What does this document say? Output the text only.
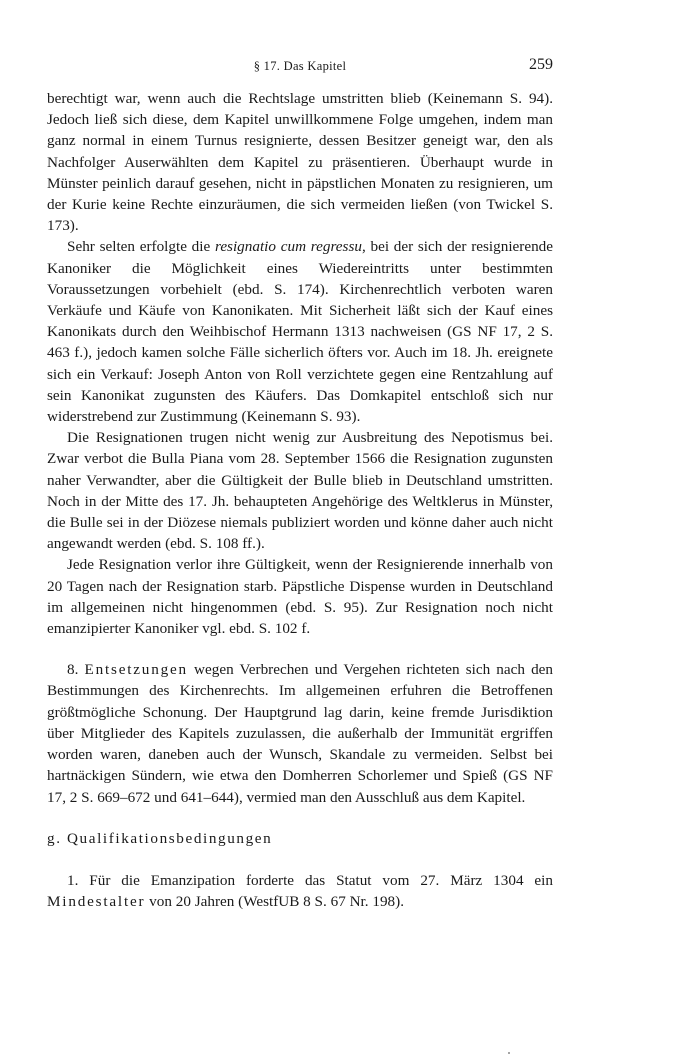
§ 17. Das Kapitel	259

berechtigt war, wenn auch die Rechtslage umstritten blieb (Keinemann S. 94). Jedoch ließ sich diese, dem Kapitel unwillkommene Folge umgehen, indem man ganz normal in einem Turnus resignierte, dessen Besitzer geneigt war, den als Nachfolger Auserwählten dem Kapitel zu präsentieren. Überhaupt wurde in Münster peinlich darauf gesehen, nicht in päpstlichen Monaten zu resignieren, um der Kurie keine Rechte einzuräumen, die sich vermeiden ließen (von Twickel S. 173).

Sehr selten erfolgte die resignatio cum regressu, bei der sich der resignierende Kanoniker die Möglichkeit eines Wiedereintritts unter bestimmten Voraussetzungen vorbehielt (ebd. S. 174). Kirchenrechtlich verboten waren Verkäufe und Käufe von Kanonikaten. Mit Sicherheit läßt sich der Kauf eines Kanonikats durch den Weihbischof Hermann 1313 nachweisen (GS NF 17, 2 S. 463 f.), jedoch kamen solche Fälle sicherlich öfters vor. Auch im 18. Jh. ereignete sich ein Verkauf: Joseph Anton von Roll verzichtete gegen eine Rentzahlung auf sein Kanonikat zugunsten des Käufers. Das Domkapitel entschloß sich nur widerstrebend zur Zustimmung (Keinemann S. 93).

Die Resignationen trugen nicht wenig zur Ausbreitung des Nepotismus bei. Zwar verbot die Bulla Piana vom 28. September 1566 die Resignation zugunsten naher Verwandter, aber die Gültigkeit der Bulle blieb in Deutschland umstritten. Noch in der Mitte des 17. Jh. behaupteten Angehörige des Weltklerus in Münster, die Bulle sei in der Diözese niemals publiziert worden und könne daher auch nicht angewandt werden (ebd. S. 108 ff.).

Jede Resignation verlor ihre Gültigkeit, wenn der Resignierende innerhalb von 20 Tagen nach der Resignation starb. Päpstliche Dispense wurden in Deutschland im allgemeinen nicht hingenommen (ebd. S. 95). Zur Resignation noch nicht emanzipierter Kanoniker vgl. ebd. S. 102 f.

8. Entsetzungen wegen Verbrechen und Vergehen richteten sich nach den Bestimmungen des Kirchenrechts. Im allgemeinen erfuhren die Betroffenen größtmögliche Schonung. Der Hauptgrund lag darin, keine fremde Jurisdiktion über Mitglieder des Kapitels zuzulassen, die außerhalb der Immunität ergriffen worden waren, daneben auch der Wunsch, Skandale zu vermeiden. Selbst bei hartnäckigen Sündern, wie etwa den Domherren Schorlemer und Spieß (GS NF 17, 2 S. 669–672 und 641–644), vermied man den Ausschluß aus dem Kapitel.

g. Qualifikationsbedingungen

1. Für die Emanzipation forderte das Statut vom 27. März 1304 ein Mindestalter von 20 Jahren (WestfUB 8 S. 67 Nr. 198).
